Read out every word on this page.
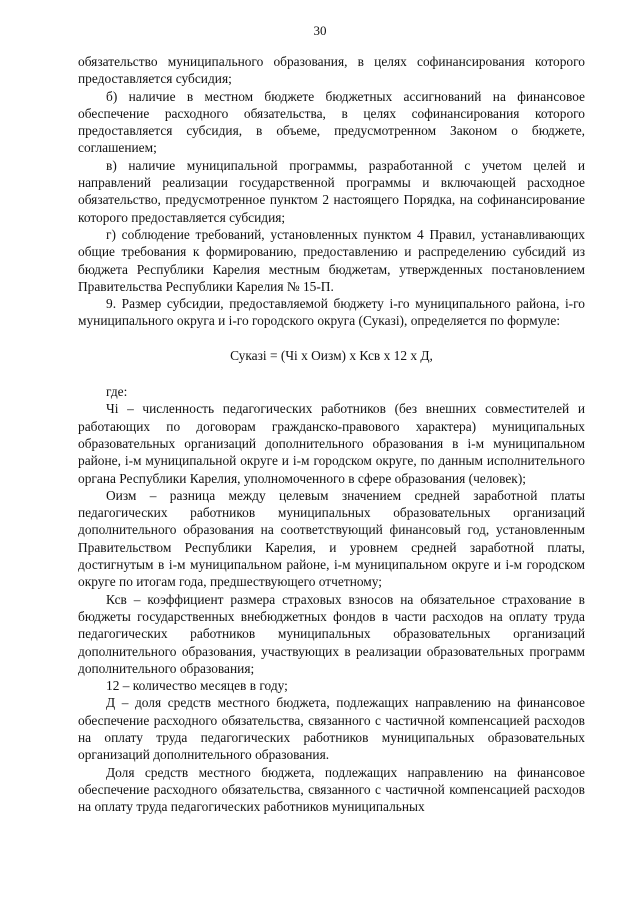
30

обязательство муниципального образования, в целях софинансирования которого предоставляется субсидия;

б) наличие в местном бюджете бюджетных ассигнований на финансовое обеспечение расходного обязательства, в целях софинансирования которого предоставляется субсидия, в объеме, предусмотренном Законом о бюджете, соглашением;

в) наличие муниципальной программы, разработанной с учетом целей и направлений реализации государственной программы и включающей расходное обязательство, предусмотренное пунктом 2 настоящего Порядка, на софинансирование которого предоставляется субсидия;

г) соблюдение требований, установленных пунктом 4 Правил, устанавливающих общие требования к формированию, предоставлению и распределению субсидий из бюджета Республики Карелия местным бюджетам, утвержденных постановлением Правительства Республики Карелия № 15-П.

9. Размер субсидии, предоставляемой бюджету i-го муниципального района, i-го муниципального округа и i-го городского округа (Суказі), определяется по формуле:

Суказі = (Чі х Оизм) х Ксв х 12 х Д,

где:

Чі – численность педагогических работников (без внешних совместителей и работающих по договорам гражданско-правового характера) муниципальных образовательных организаций дополнительного образования в i-м муниципальном районе, i-м муниципальной округе и i-м городском округе, по данным исполнительного органа Республики Карелия, уполномоченного в сфере образования (человек);

Оизм – разница между целевым значением средней заработной платы педагогических работников муниципальных образовательных организаций дополнительного образования на соответствующий финансовый год, установленным Правительством Республики Карелия, и уровнем средней заработной платы, достигнутым в i-м муниципальном районе, i-м муниципальном округе и i-м городском округе по итогам года, предшествующего отчетному;

Ксв – коэффициент размера страховых взносов на обязательное страхование в бюджеты государственных внебюджетных фондов в части расходов на оплату труда педагогических работников муниципальных образовательных организаций дополнительного образования, участвующих в реализации образовательных программ дополнительного образования;

12 – количество месяцев в году;

Д – доля средств местного бюджета, подлежащих направлению на финансовое обеспечение расходного обязательства, связанного с частичной компенсацией расходов на оплату труда педагогических работников муниципальных образовательных организаций дополнительного образования.

Доля средств местного бюджета, подлежащих направлению на финансовое обеспечение расходного обязательства, связанного с частичной компенсацией расходов на оплату труда педагогических работников муниципальных
